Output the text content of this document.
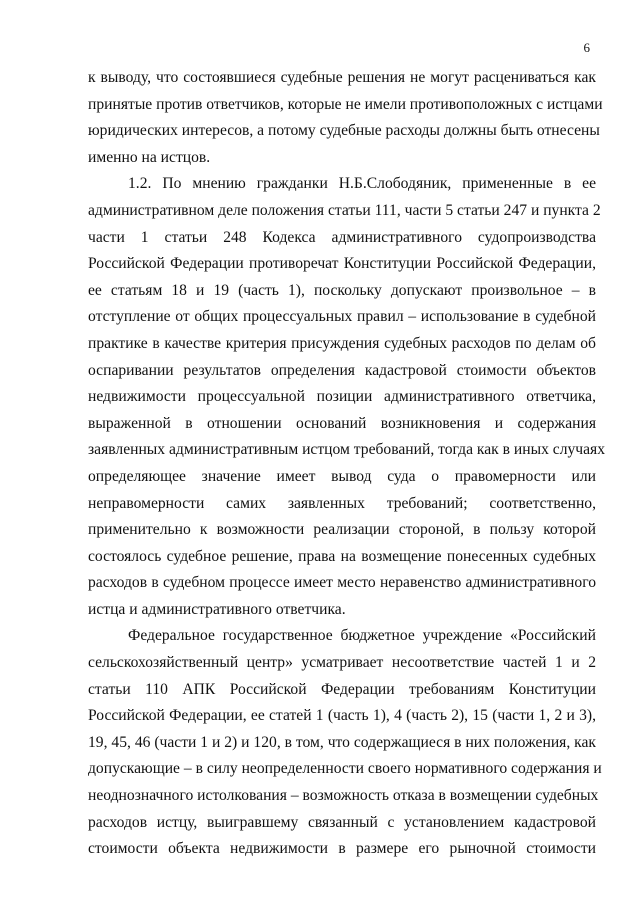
6
к выводу, что состоявшиеся судебные решения не могут расцениваться как
принятые против ответчиков, которые не имели противоположных с истцами
юридических интересов, а потому судебные расходы должны быть отнесены
именно на истцов.
1.2. По мнению гражданки Н.Б.Слободяник, примененные в ее
административном деле положения статьи 111, части 5 статьи 247 и пункта 2
части 1 статьи 248 Кодекса административного судопроизводства
Российской Федерации противоречат Конституции Российской Федерации,
ее статьям 18 и 19 (часть 1), поскольку допускают произвольное – в
отступление от общих процессуальных правил – использование в судебной
практике в качестве критерия присуждения судебных расходов по делам об
оспаривании результатов определения кадастровой стоимости объектов
недвижимости процессуальной позиции административного ответчика,
выраженной в отношении оснований возникновения и содержания
заявленных административным истцом требований, тогда как в иных случаях
определяющее значение имеет вывод суда о правомерности или
неправомерности самих заявленных требований; соответственно,
применительно к возможности реализации стороной, в пользу которой
состоялось судебное решение, права на возмещение понесенных судебных
расходов в судебном процессе имеет место неравенство административного
истца и административного ответчика.
Федеральное государственное бюджетное учреждение «Российский
сельскохозяйственный центр» усматривает несоответствие частей 1 и 2
статьи 110 АПК Российской Федерации требованиям Конституции
Российской Федерации, ее статей 1 (часть 1), 4 (часть 2), 15 (части 1, 2 и 3),
19, 45, 46 (части 1 и 2) и 120, в том, что содержащиеся в них положения, как
допускающие – в силу неопределенности своего нормативного содержания и
неоднозначного истолкования – возможность отказа в возмещении судебных
расходов истцу, выигравшему связанный с установлением кадастровой
стоимости объекта недвижимости в размере его рыночной стоимости
